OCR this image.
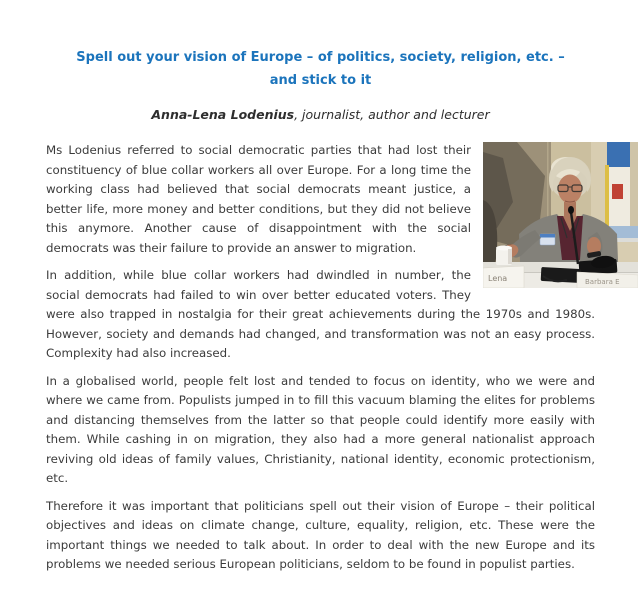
Spell out your vision of Europe – of politics, society, religion, etc. –
and stick to it

Anna-Lena Lodenius, journalist, author and lecturer

Lena	Barbara E

Ms Lodenius referred to social democratic parties that had lost their constituency of blue collar workers all over Europe. For a long time the working class had believed that social democrats meant justice, a better life, more money and better conditions, but they did not believe this anymore. Another cause of disappointment with the social democrats was their failure to provide an answer to migration.

In addition, while blue collar workers had dwindled in number, the social democrats had failed to win over better educated voters. They were also trapped in nostalgia for their great achievements during the 1970s and 1980s. However, society and demands had changed, and transformation was not an easy process. Complexity had also increased.

In a globalised world, people felt lost and tended to focus on identity, who we were and where we came from. Populists jumped in to fill this vacuum blaming the elites for problems and distancing themselves from the latter so that people could identify more easily with them. While cashing in on migration, they also had a more general nationalist approach reviving old ideas of family values, Christianity, national identity, economic protectionism, etc.

Therefore it was important that politicians spell out their vision of Europe – their political objectives and ideas on climate change, culture, equality, religion, etc. These were the important things we needed to talk about. In order to deal with the new Europe and its problems we needed serious European politicians, seldom to be found in populist parties.
